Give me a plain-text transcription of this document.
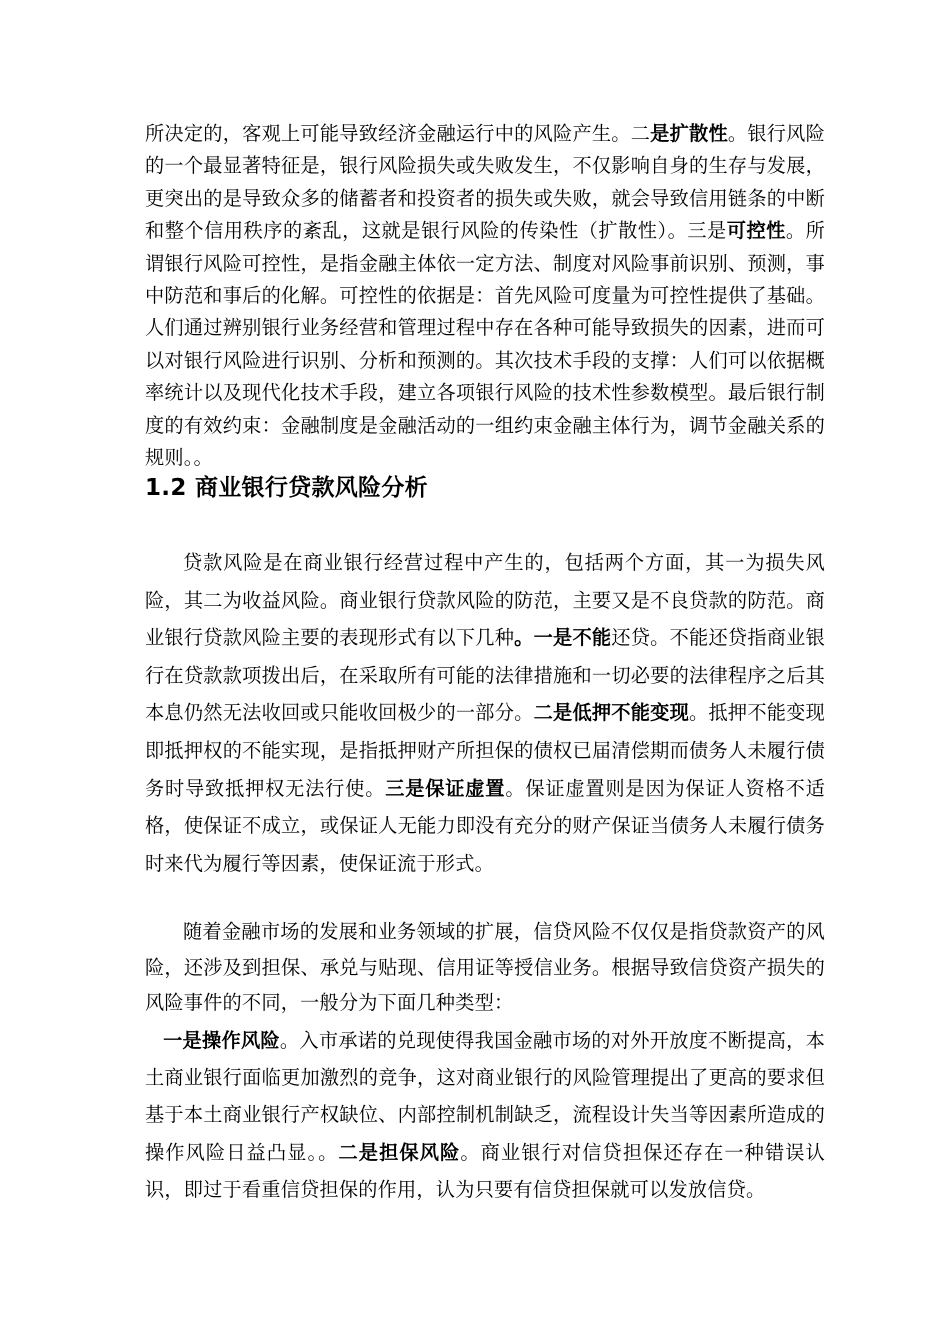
所决定的，客观上可能导致经济金融运行中的风险产生。二是扩散性。银行风险的一个最显著特征是，银行风险损失或失败发生，不仅影响自身的生存与发展，更突出的是导致众多的储蓄者和投资者的损失或失败，就会导致信用链条的中断和整个信用秩序的紊乱，这就是银行风险的传染性（扩散性）。三是可控性。所谓银行风险可控性，是指金融主体依一定方法、制度对风险事前识别、预测，事中防范和事后的化解。可控性的依据是：首先风险可度量为可控性提供了基础。人们通过辨别银行业务经营和管理过程中存在各种可能导致损失的因素，进而可以对银行风险进行识别、分析和预测的。其次技术手段的支撑：人们可以依据概率统计以及现代化技术手段，建立各项银行风险的技术性参数模型。最后银行制度的有效约束：金融制度是金融活动的一组约束金融主体行为，调节金融关系的规则。。

1.2 商业银行贷款风险分析

贷款风险是在商业银行经营过程中产生的，包括两个方面，其一为损失风险，其二为收益风险。商业银行贷款风险的防范，主要又是不良贷款的防范。商业银行贷款风险主要的表现形式有以下几种。一是不能还贷。不能还贷指商业银行在贷款款项拨出后，在采取所有可能的法律措施和一切必要的法律程序之后其本息仍然无法收回或只能收回极少的一部分。二是低押不能变现。抵押不能变现即抵押权的不能实现，是指抵押财产所担保的债权已届清偿期而债务人未履行债务时导致抵押权无法行使。三是保证虚置。保证虚置则是因为保证人资格不适格，使保证不成立，或保证人无能力即没有充分的财产保证当债务人未履行债务时来代为履行等因素，使保证流于形式。

随着金融市场的发展和业务领域的扩展，信贷风险不仅仅是指贷款资产的风险，还涉及到担保、承兑与贴现、信用证等授信业务。根据导致信贷资产损失的风险事件的不同，一般分为下面几种类型：

一是操作风险。入市承诺的兑现使得我国金融市场的对外开放度不断提高，本土商业银行面临更加激烈的竞争，这对商业银行的风险管理提出了更高的要求但基于本土商业银行产权缺位、内部控制机制缺乏，流程设计失当等因素所造成的操作风险日益凸显。。二是担保风险。商业银行对信贷担保还存在一种错误认识，即过于看重信贷担保的作用，认为只要有信贷担保就可以发放信贷。
